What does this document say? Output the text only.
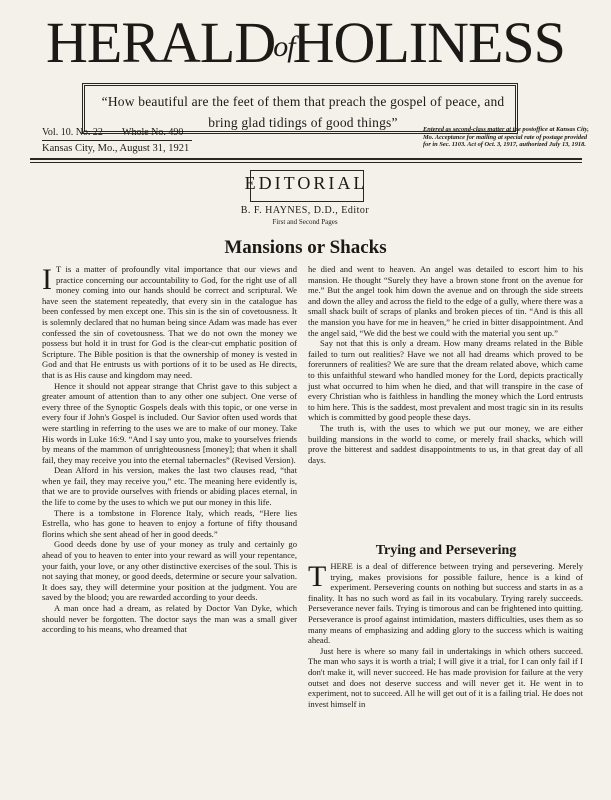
HERALDofHOLINESS
“How beautiful are the feet of them that preach the gospel of peace, and
bring glad tidings of good things”
Vol. 10. No. 22 Whole No. 490
Kansas City, Mo., August 31, 1921
Entered as second-class matter at the postoffice at Kansas City, Mo. Acceptance for mailing at special rate of postage provided for in Sec. 1103. Act of Oct. 3, 1917, authorized July 13, 1918.
EDITORIAL
B. F. HAYNES, D.D., Editor
First and Second Pages
Mansions or Shacks

I T is a matter of profoundly vital importance that our views and practice concerning our accountability to God, for the right use of all money coming into our hands should be correct and scriptural. We have seen the statement repeatedly, that every sin in the catalogue has been confessed by men except one. This sin is the sin of covetousness. It is solemnly declared that no human being since Adam was made has ever confessed the sin of covetousness. That we do not own the money we possess but hold it in trust for God is the clear-cut emphatic position of Scripture. The Bible position is that the ownership of money is vested in God and that He entrusts us with portions of it to be used as He directs, that is as His cause and kingdom may need.

Hence it should not appear strange that Christ gave to this subject a greater amount of attention than to any other one subject. One verse of every three of the Synoptic Gospels deals with this topic, or one verse in every four if John's Gospel is included. Our Savior often used words that were startling in referring to the uses we are to make of our money. Take His words in Luke 16:9. “And I say unto you, make to yourselves friends by means of the mammon of unrighteousness [money]; that when it shall fail, they may receive you into the eternal tabernacles” (Revised Version).

Dean Alford in his version, makes the last two clauses read, “that when ye fail, they may receive you,” etc. The meaning here evidently is, that we are to provide ourselves with friends or abiding places eternal, in the life to come by the uses to which we put our money in this life.

There is a tombstone in Florence Italy, which reads, “Here lies Estrella, who has gone to heaven to enjoy a fortune of fifty thousand florins which she sent ahead of her in good deeds.”

Good deeds done by use of your money as truly and certainly go ahead of you to heaven to enter into your reward as will your repentance, your faith, your love, or any other distinctive exercises of the soul. This is not saying that money, or good deeds, determine or secure your salvation. It does say, they will determine your position at the judgment. You are saved by the blood; you are rewarded according to your deeds.

A man once had a dream, as related by Doctor Van Dyke, which should never be forgotten. The doctor says the man was a small giver according to his means, who dreamed that

he died and went to heaven. An angel was detailed to escort him to his mansion. He thought “Surely they have a brown stone front on the avenue for me.” But the angel took him down the avenue and on through the side streets and down the alley and across the field to the edge of a gully, where there was a small shack built of scraps of planks and broken pieces of tin. “And is this all the mansion you have for me in heaven,” he cried in bitter disappointment. And the angel said, “We did the best we could with the material you sent up.”

Say not that this is only a dream. How many dreams related in the Bible failed to turn out realities? Have we not all had dreams which proved to be forerunners of realities? We are sure that the dream related above, which came to this unfaithful steward who handled money for the Lord, depicts practically just what occurred to him when he died, and that will transpire in the case of every Christian who is faithless in handling the money which the Lord entrusts to him here. This is the saddest, most prevalent and most tragic sin in its results which is committed by good people these days.

The truth is, with the uses to which we put our money, we are either building mansions in the world to come, or merely frail shacks, which will prove the bitterest and saddest disappointments to us, in that great day of all days.

Trying and Persevering

THERE is a deal of difference between trying and persevering. Merely trying, makes provisions for possible failure, hence is a kind of experiment. Persevering counts on nothing but success and starts in as a finality. It has no such word as fail in its vocabulary. Trying rarely succeeds. Perseverance never fails. Trying is timorous and can be frightened into quitting. Perseverance is proof against intimidation, masters difficulties, uses them as so many means of emphasizing and adding glory to the success which is waiting ahead.

Just here is where so many fail in undertakings in which others succeed. The man who says it is worth a trial; I will give it a trial, for I can only fail if I don't make it, will never succeed. He has made provision for failure at the very outset and does not deserve success and will never get it. He went in to experiment, not to succeed. All he will get out of it is a failing trial. He does not invest himself in
